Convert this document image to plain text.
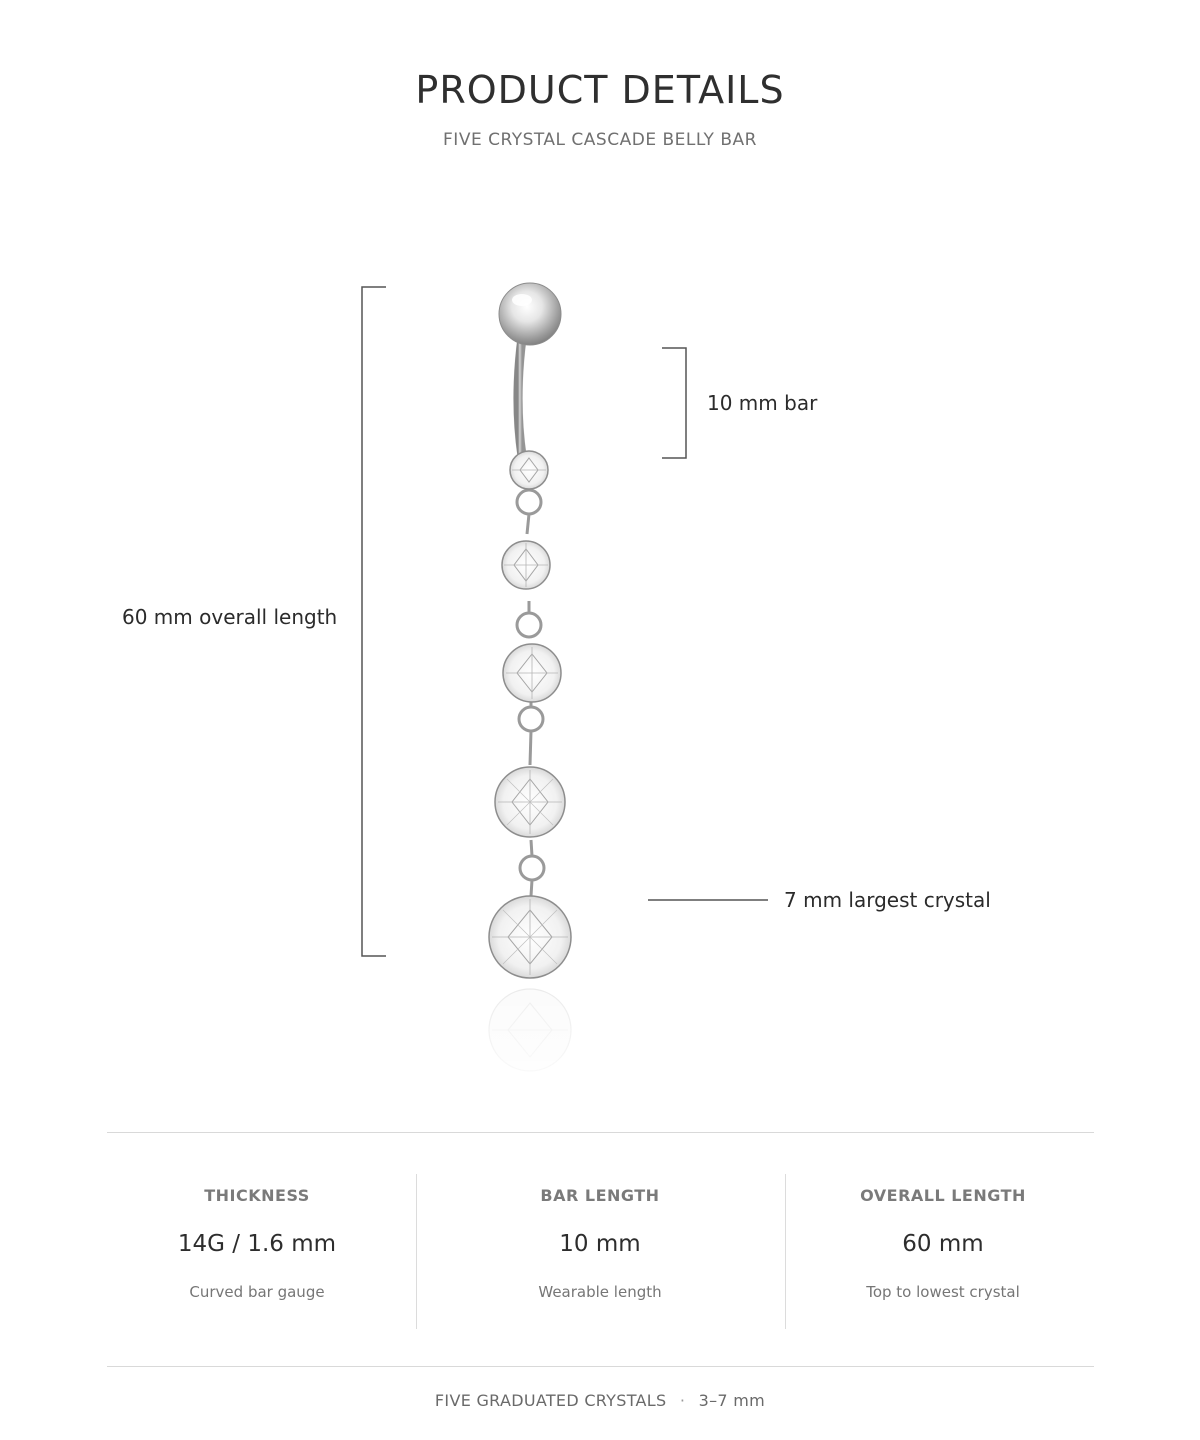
PRODUCT DETAILS
FIVE CRYSTAL CASCADE BELLY BAR
60 mm overall length
10 mm bar
7 mm largest crystal
THICKNESS
14G / 1.6 mm
Curved bar gauge
BAR LENGTH
10 mm
Wearable length
OVERALL LENGTH
60 mm
Top to lowest crystal
FIVE GRADUATED CRYSTALS · 3–7 mm
